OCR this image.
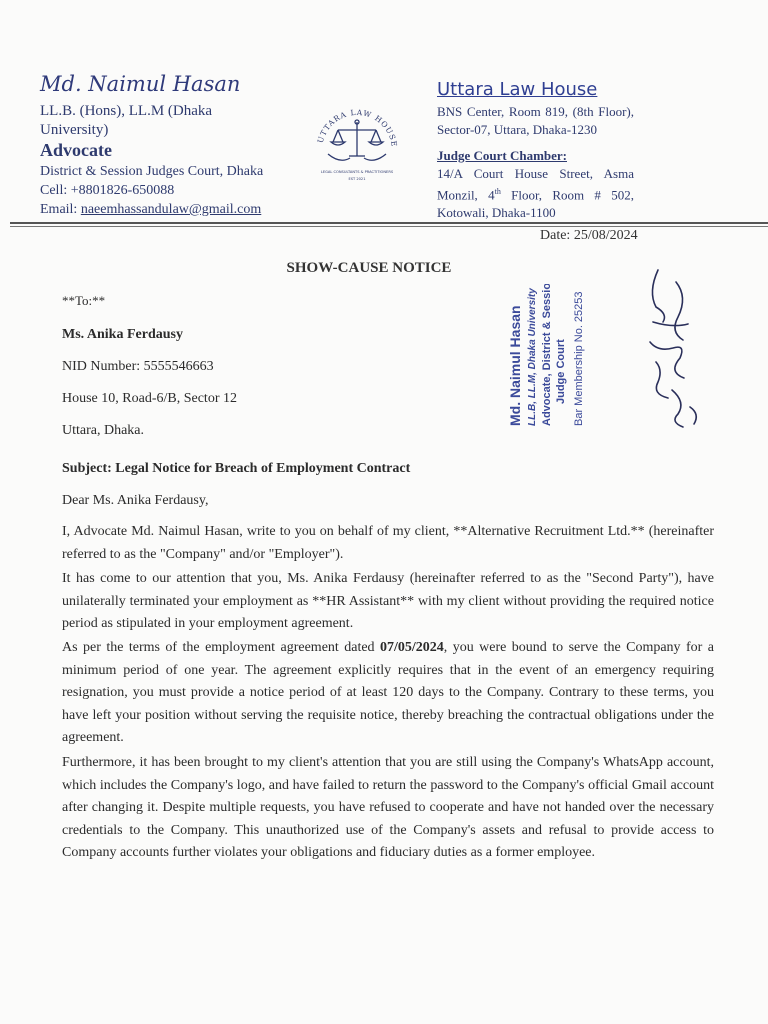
Md. Naimul Hasan
LL.B. (Hons), LL.M (Dhaka
University)
Advocate
District & Session Judges Court, Dhaka
Cell: +8801826-650088
Email: naeemhassandulaw@gmail.com
UTTARA LAW HOUSE
LEGAL CONSULTANTS & PRACTITIONERS
EST 2021
Uttara Law House
BNS Center, Room 819, (8th Floor), Sector-07, Uttara, Dhaka-1230
Judge Court Chamber:
14/A Court House Street, Asma Monzil, 4th Floor, Room # 502, Kotowali, Dhaka-1100
Date: 25/08/2024
SHOW-CAUSE NOTICE
**To:**
Ms. Anika Ferdausy
NID Number: 5555546663
House 10, Road-6/B, Sector 12
Uttara, Dhaka.
Md. Naimul Hasan LL.B, LL.M, Dhaka University Advocate, District & Session Judge Court Bar Membership No. 25253
Subject: Legal Notice for Breach of Employment Contract
Dear Ms. Anika Ferdausy,
I, Advocate Md. Naimul Hasan, write to you on behalf of my client, **Alternative Recruitment Ltd.** (hereinafter referred to as the "Company" and/or "Employer").
It has come to our attention that you, Ms. Anika Ferdausy (hereinafter referred to as the "Second Party"), have unilaterally terminated your employment as **HR Assistant** with my client without providing the required notice period as stipulated in your employment agreement.
As per the terms of the employment agreement dated 07/05/2024, you were bound to serve the Company for a minimum period of one year. The agreement explicitly requires that in the event of an emergency requiring resignation, you must provide a notice period of at least 120 days to the Company. Contrary to these terms, you have left your position without serving the requisite notice, thereby breaching the contractual obligations under the agreement.
Furthermore, it has been brought to my client's attention that you are still using the Company's WhatsApp account, which includes the Company's logo, and have failed to return the password to the Company's official Gmail account after changing it. Despite multiple requests, you have refused to cooperate and have not handed over the necessary credentials to the Company. This unauthorized use of the Company's assets and refusal to provide access to Company accounts further violates your obligations and fiduciary duties as a former employee.
